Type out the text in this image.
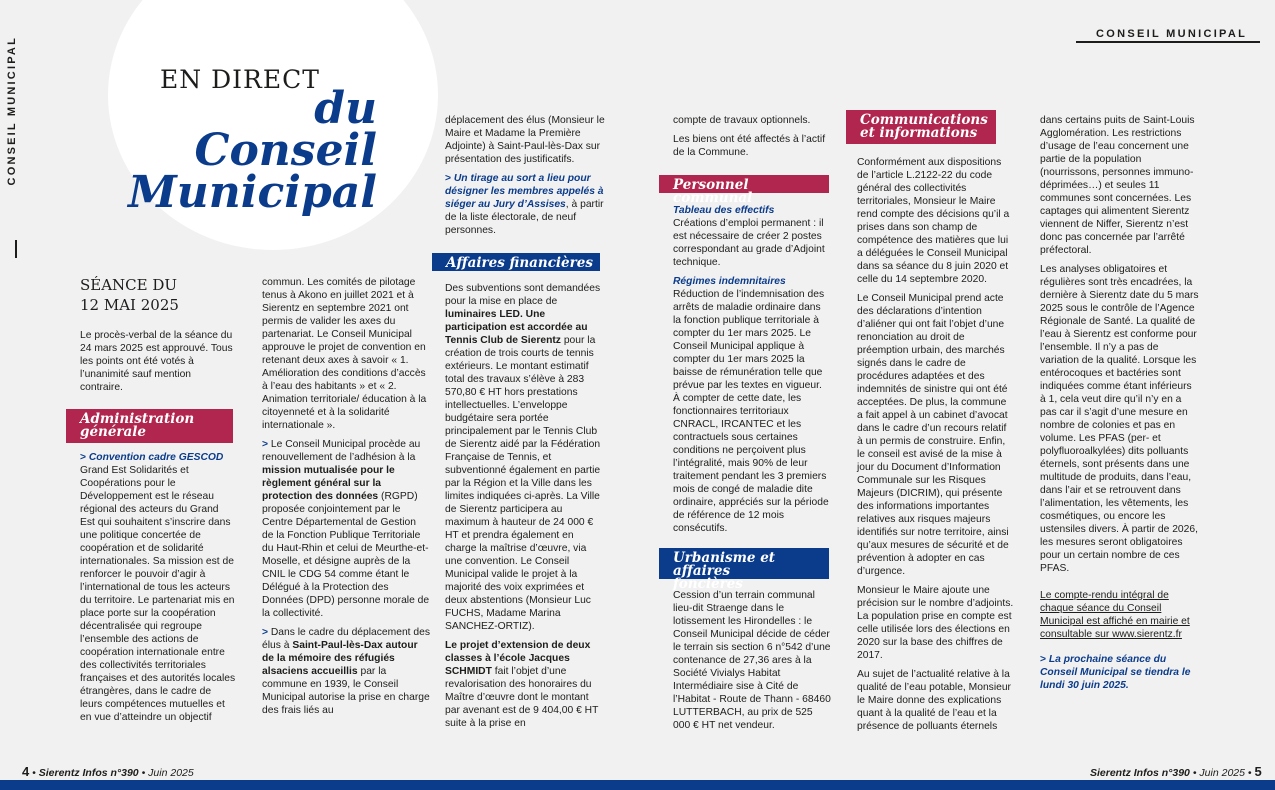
CONSEIL MUNICIPAL	EN DIRECT
du Conseil
Municipal
CONSEIL MUNICIPAL
SÉANCE DU
12 MAI 2025

Le procès-verbal de la séance du 24 mars 2025 est approuvé. Tous les points ont été votés à l’unanimité sauf mention contraire.

Administration
générale

> Convention cadre GESCOD

Grand Est Solidarités et Coopérations pour le Développement est le réseau régional des acteurs du Grand Est qui souhaitent s’inscrire dans une politique concertée de coopération et de solidarité internationales. Sa mission est de renforcer le pouvoir d’agir à l’international de tous les acteurs du territoire. Le partenariat mis en place porte sur la coopération décentralisée qui regroupe l’ensemble des actions de coopération internationale entre des collectivités territoriales françaises et des autorités locales étrangères, dans le cadre de leurs compétences mutuelles et en vue d’atteindre un objectif

commun. Les comités de pilotage tenus à Akono en juillet 2021 et à Sierentz en septembre 2021 ont permis de valider les axes du partenariat. Le Conseil Municipal approuve le projet de convention en retenant deux axes à savoir « 1. Amélioration des conditions d’accès à l’eau des habitants » et « 2. Animation territoriale/ éducation à la citoyenneté et à la solidarité internationale ».

> Le Conseil Municipal procède au renouvellement de l’adhésion à la mission mutualisée pour le règlement général sur la protection des données (RGPD) proposée conjointement par le Centre Départemental de Gestion de la Fonction Publique Territoriale du Haut-Rhin et celui de Meurthe-et-Moselle, et désigne auprès de la CNIL le CDG 54 comme étant le Délégué à la Protection des Données (DPD) personne morale de la collectivité.

> Dans le cadre du déplacement des élus à Saint-Paul-lès-Dax autour de la mémoire des réfugiés alsaciens accueillis par la commune en 1939, le Conseil Municipal autorise la prise en charge des frais liés au

déplacement des élus (Monsieur le Maire et Madame la Première Adjointe) à Saint-Paul-lès-Dax sur présentation des justificatifs.

> Un tirage au sort a lieu pour désigner les membres appelés à siéger au Jury d’Assises, à partir de la liste électorale, de neuf personnes.

Affaires financières

Des subventions sont demandées pour la mise en place de luminaires LED. Une participation est accordée au Tennis Club de Sierentz pour la création de trois courts de tennis extérieurs. Le montant estimatif total des travaux s’élève à 283 570,80 € HT hors prestations intellectuelles. L’enveloppe budgétaire sera portée principalement par le Tennis Club de Sierentz aidé par la Fédération Française de Tennis, et subventionné également en partie par la Région et la Ville dans les limites indiquées ci-après. La Ville de Sierentz participera au maximum à hauteur de 24 000 € HT et prendra également en charge la maîtrise d’œuvre, via une convention. Le Conseil Municipal valide le projet à la majorité des voix exprimées et deux abstentions (Monsieur Luc FUCHS, Madame Marina SANCHEZ-ORTIZ).

Le projet d’extension de deux classes à l’école Jacques SCHMIDT fait l’objet d’une revalorisation des honoraires du Maître d’œuvre dont le montant par avenant est de 9 404,00 € HT suite à la prise en

compte de travaux optionnels.

Les biens ont été affectés à l’actif de la Commune.

Personnel communal

Tableau des effectifs

Créations d’emploi permanent : il est nécessaire de créer 2 postes correspondant au grade d’Adjoint technique.

Régimes indemnitaires

Réduction de l’indemnisation des arrêts de maladie ordinaire dans la fonction publique territoriale à compter du 1er mars 2025. Le Conseil Municipal applique à compter du 1er mars 2025 la baisse de rémunération telle que prévue par les textes en vigueur. À compter de cette date, les fonctionnaires territoriaux CNRACL, IRCANTEC et les contractuels sous certaines conditions ne perçoivent plus l’intégralité, mais 90% de leur traitement pendant les 3 premiers mois de congé de maladie dite ordinaire, appréciés sur la période de référence de 12 mois consécutifs.

Urbanisme et affaires
foncières

Cession d’un terrain communal lieu-dit Straenge dans le lotissement les Hirondelles : le Conseil Municipal décide de céder le terrain sis section 6 n°542 d’une contenance de 27,36 ares à la Société Vivialys Habitat Intermédiaire sise à Cité de l’Habitat - Route de Thann - 68460 LUTTERBACH, au prix de 525 000 € HT net vendeur.

Communications
et informations

Conformément aux dispositions de l’article L.2122-22 du code général des collectivités territoriales, Monsieur le Maire rend compte des décisions qu’il a prises dans son champ de compétence des matières que lui a déléguées le Conseil Municipal dans sa séance du 8 juin 2020 et celle du 14 septembre 2020.

Le Conseil Municipal prend acte des déclarations d’intention d’aliéner qui ont fait l’objet d’une renonciation au droit de préemption urbain, des marchés signés dans le cadre de procédures adaptées et des indemnités de sinistre qui ont été acceptées. De plus, la commune a fait appel à un cabinet d’avocat dans le cadre d’un recours relatif à un permis de construire. Enfin, le conseil est avisé de la mise à jour du Document d’Information Communale sur les Risques Majeurs (DICRIM), qui présente des informations importantes relatives aux risques majeurs identifiés sur notre territoire, ainsi qu’aux mesures de sécurité et de prévention à adopter en cas d’urgence.

Monsieur le Maire ajoute une précision sur le nombre d’adjoints. La population prise en compte est celle utilisée lors des élections en 2020 sur la base des chiffres de 2017.

Au sujet de l’actualité relative à la qualité de l’eau potable, Monsieur le Maire donne des explications quant à la qualité de l’eau et la présence de polluants éternels

dans certains puits de Saint-Louis Agglomération. Les restrictions d’usage de l’eau concernent une partie de la population (nourrissons, personnes immuno-déprimées…) et seules 11 communes sont concernées. Les captages qui alimentent Sierentz viennent de Niffer, Sierentz n’est donc pas concernée par l’arrêté préfectoral.

Les analyses obligatoires et régulières sont très encadrées, la dernière à Sierentz date du 5 mars 2025 sous le contrôle de l’Agence Régionale de Santé. La qualité de l’eau à Sierentz est conforme pour l’ensemble. Il n’y a pas de variation de la qualité. Lorsque les entérocoques et bactéries sont indiquées comme étant inférieurs à 1, cela veut dire qu’il n’y en a pas car il s’agit d’une mesure en nombre de colonies et pas en volume. Les PFAS (per- et polyfluoroalkylées) dits polluants éternels, sont présents dans une multitude de produits, dans l’eau, dans l’air et se retrouvent dans l’alimentation, les vêtements, les cosmétiques, ou encore les ustensiles divers. À partir de 2026, les mesures seront obligatoires pour un certain nombre de ces PFAS.

Le compte-rendu intégral de chaque séance du Conseil Municipal est affiché en mairie et consultable sur www.sierentz.fr

> La prochaine séance du Conseil Municipal se tiendra le lundi 30 juin 2025.

4 • Sierentz Infos n°390 • Juin 2025	Sierentz Infos n°390 • Juin 2025 • 5
